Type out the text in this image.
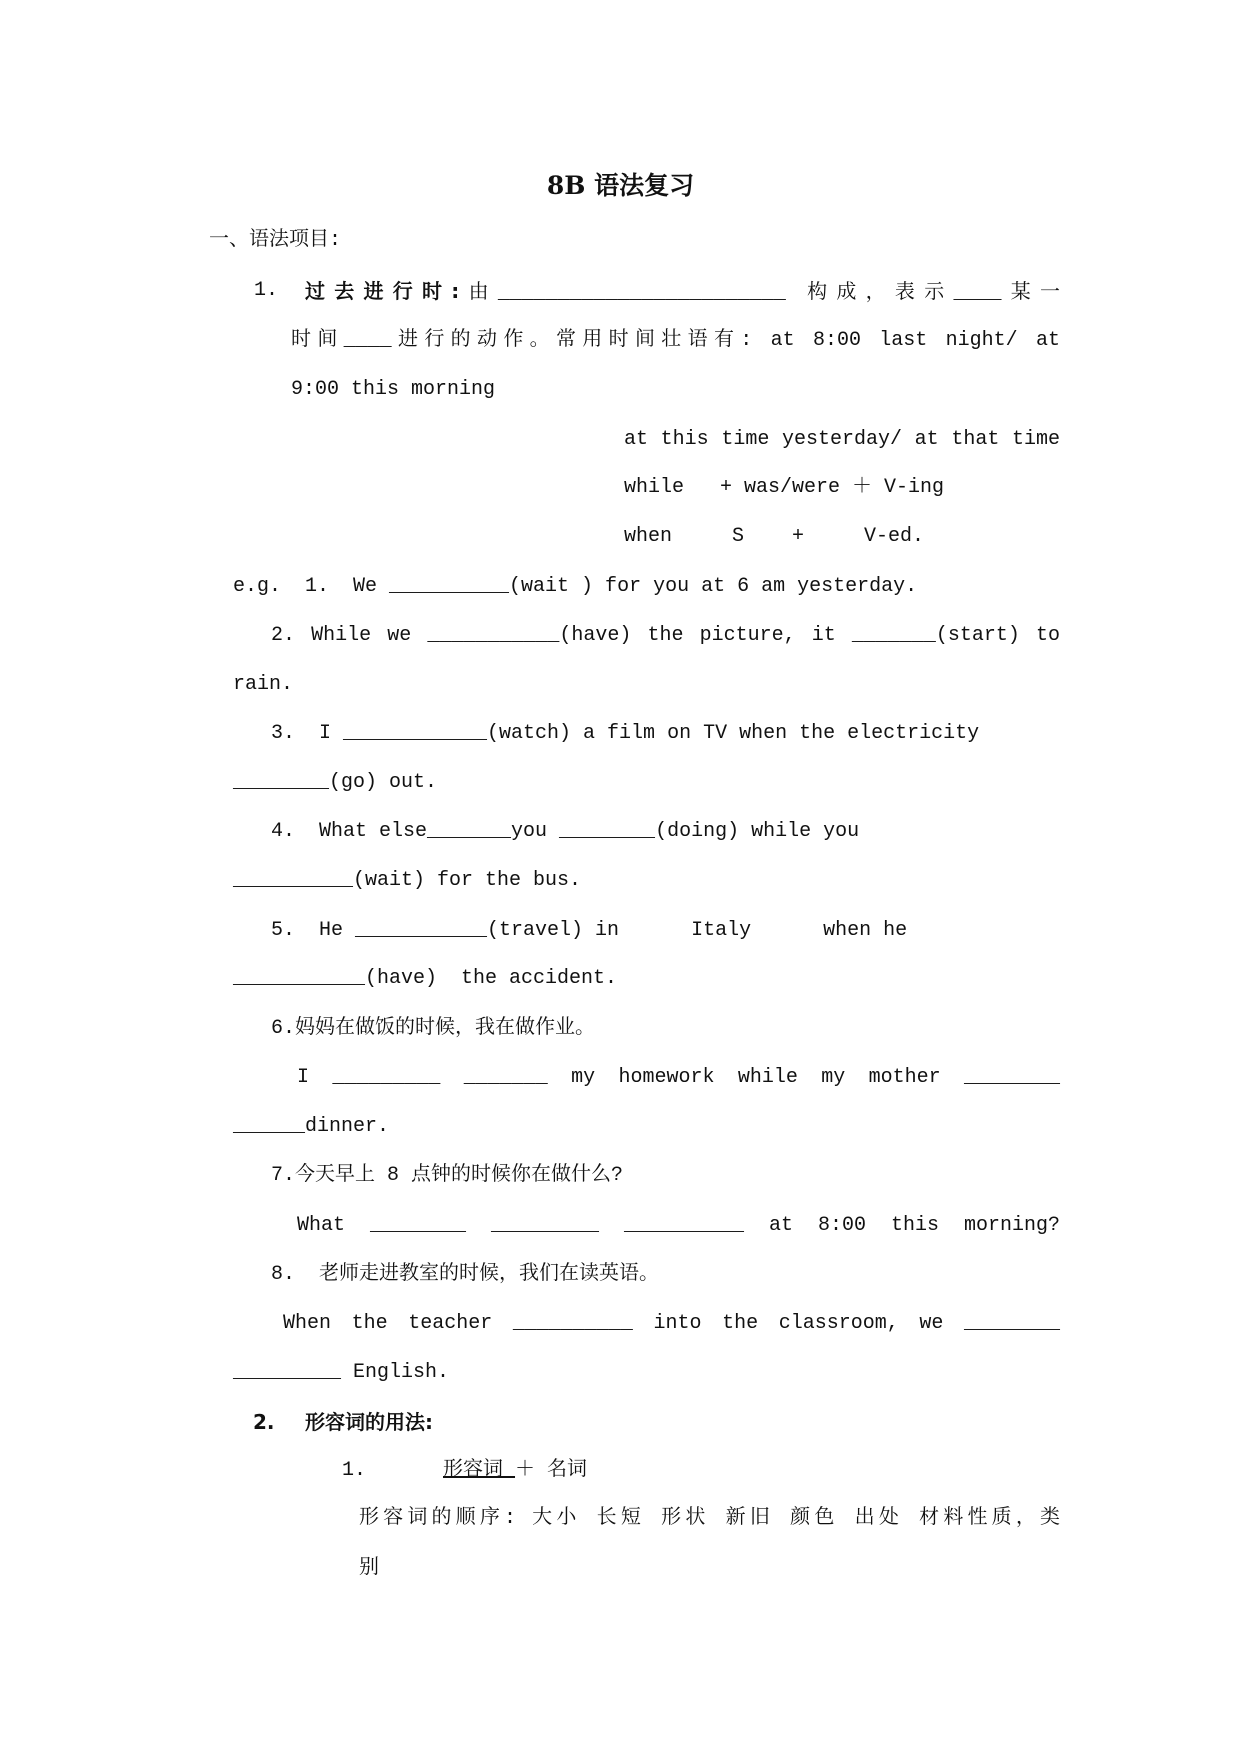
8B 语法复习
一、语法项目:
1. 过去进行时:由________________________ 构成，表示____某一
时间____进行的动作。常用时间壮语有: at 8:00 last night/ at
9:00 this morning
at this time yesterday/ at that time
while   + was/were ＋ V-ing
when     S    +     V-ed.
e.g.  1.  We __________(wait ) for you at 6 am yesterday.
2. While we ___________(have) the picture, it _______(start) to
rain.
3.  I ____________(watch) a film on TV when the electricity
________(go) out.
4.  What else_______you ________(doing) while you
__________(wait) for the bus.
5.  He ___________(travel) in      Italy      when he
___________(have)  the accident.
6.妈妈在做饭的时候，我在做作业。
I _________ _______ my homework while my mother ________
______dinner.
7.今天早上 8 点钟的时候你在做什么?
What ________ _________ __________ at 8:00 this morning?
8.  老师走进教室的时候，我们在读英语。
When the teacher __________ into the classroom, we ________
_________ English.
2. 形容词的用法:
1.	形容词 ＋ 名词
形容词的顺序: 大小 长短 形状 新旧 颜色 出处 材料性质，类
别
